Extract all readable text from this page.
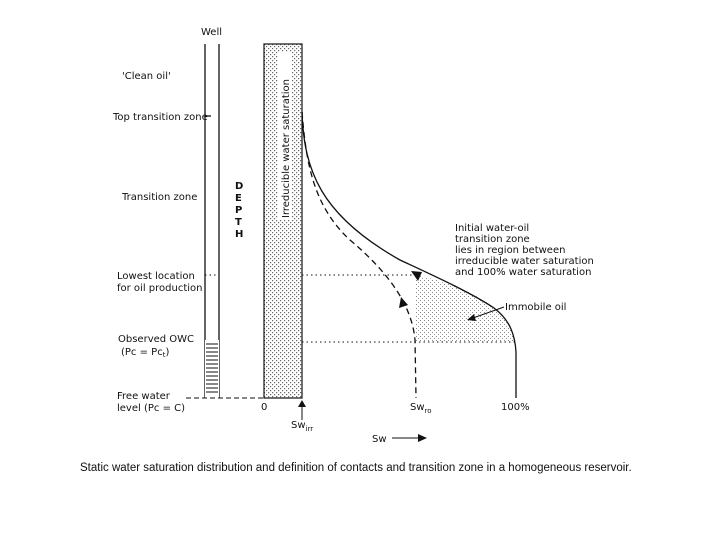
Well
'Clean oil'
Top transition zone
Transition zone
Lowest location
for oil production
Observed OWC
$(Pc = Pc_t)$
Free water
level (Pc = C)
D
E
P
T
H
Irreducible water saturation
0
$Sw_{irr}$
$Sw_{ro}$	100%
Sw
Initial water-oil
transition zone
lies in region between
irreducible water saturation
and 100% water saturation
Immobile oil
Static water saturation distribution and definition of contacts and transition zone in a homogeneous reservoir.
